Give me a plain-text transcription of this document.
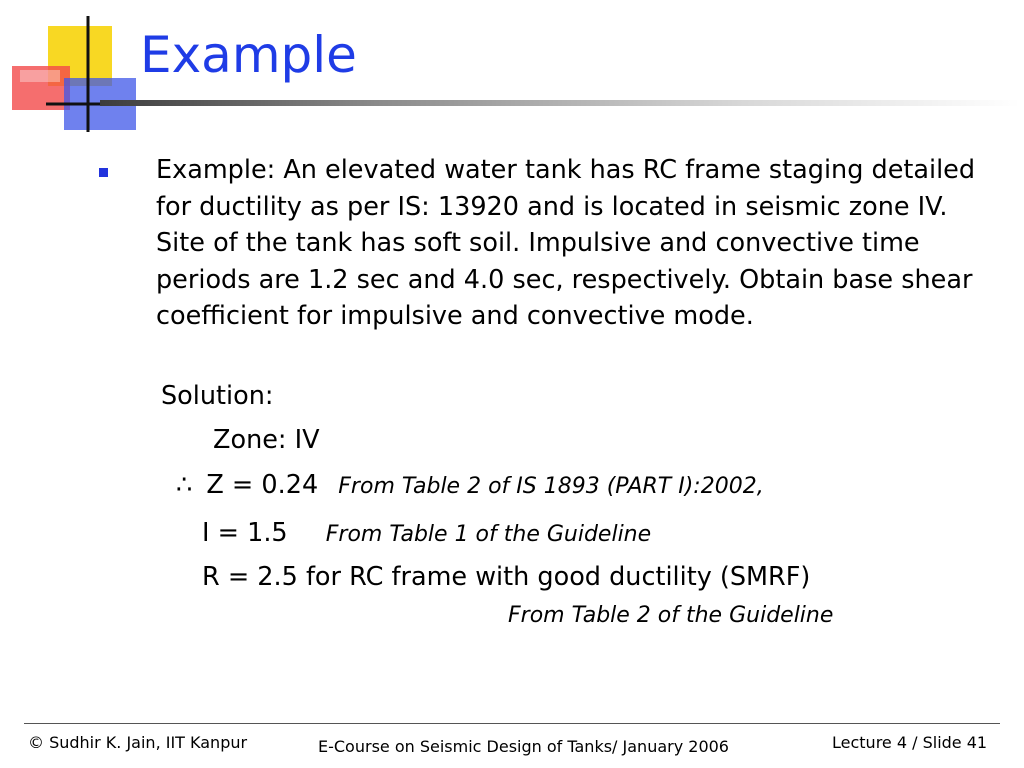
Example

Example: An elevated water tank has RC frame staging detailed for ductility as per IS: 13920 and is located in seismic zone IV. Site of the tank has soft soil. Impulsive and convective time periods are 1.2 sec and 4.0 sec, respectively. Obtain base shear coefficient for impulsive and convective mode.

Solution:
Zone: IV
∴ Z = 0.24 From Table 2 of IS 1893 (PART I):2002,
I = 1.5 From Table 1 of the Guideline
R = 2.5 for RC frame with good ductility (SMRF)
From Table 2 of the Guideline
© Sudhir K. Jain, IIT Kanpur	E-Course on Seismic Design of Tanks/ January 2006	Lecture 4 / Slide 41
